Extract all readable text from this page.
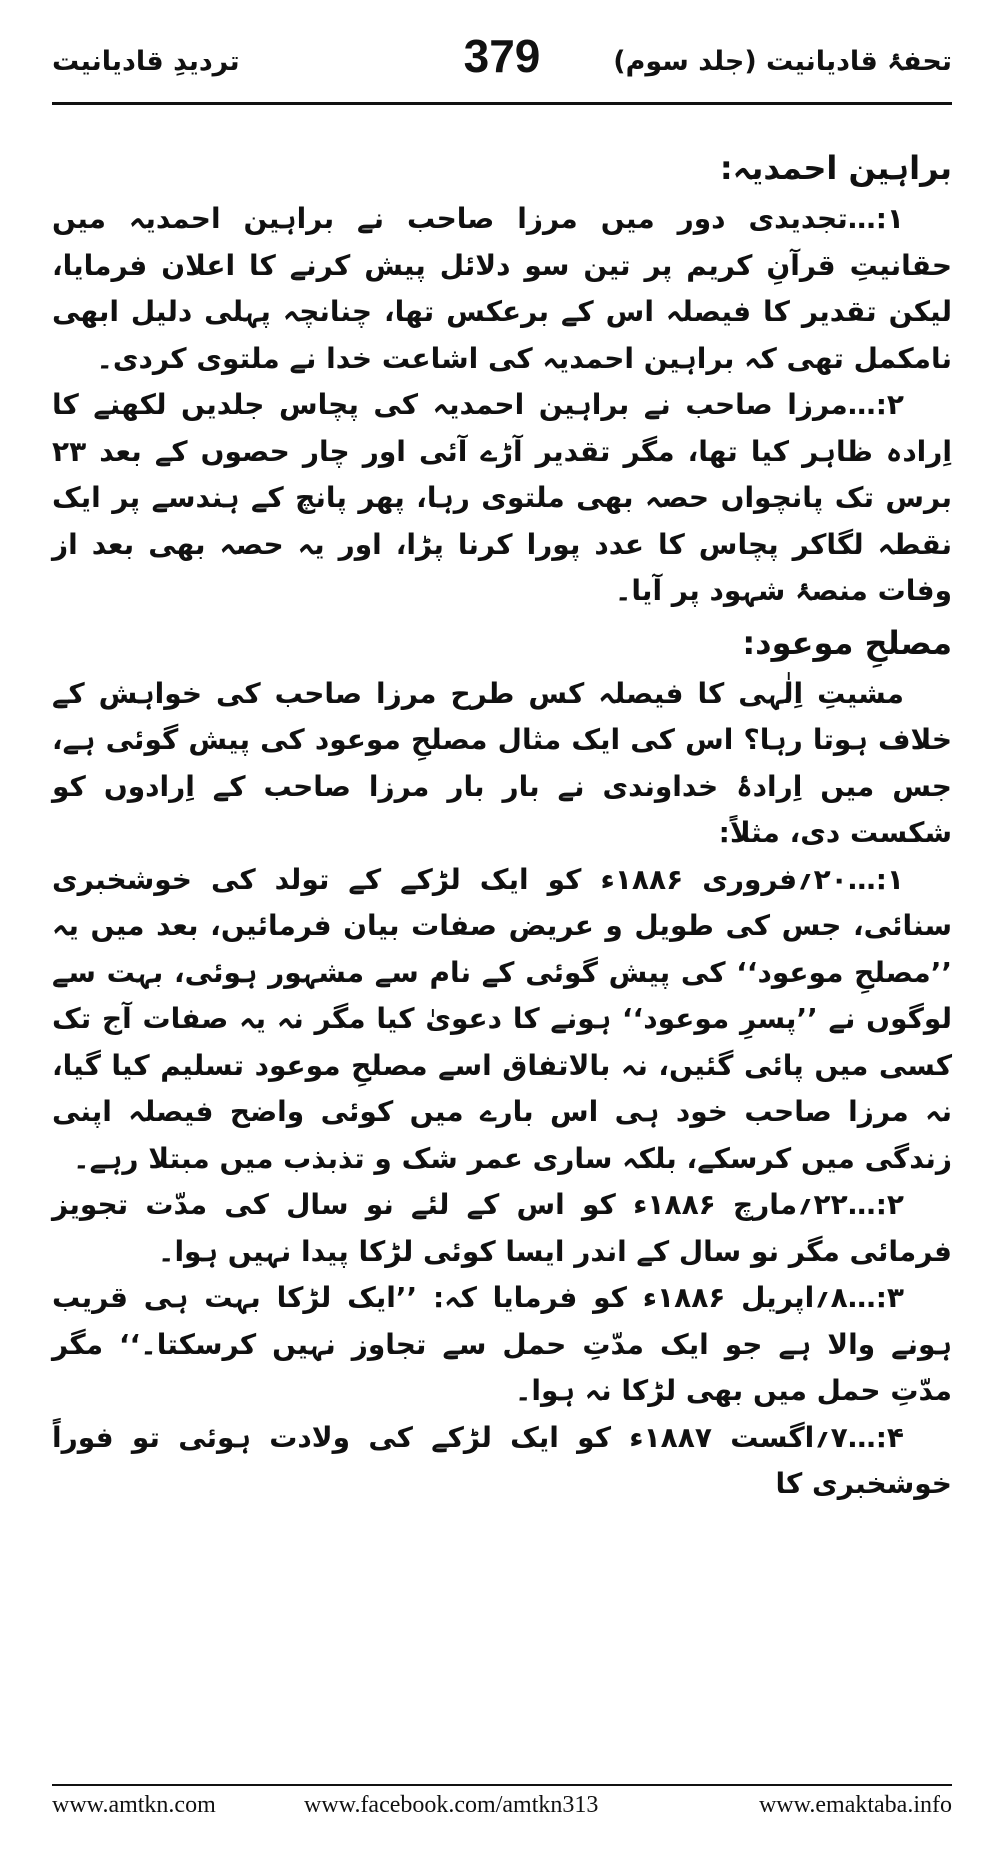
تحفۂ قادیانیت (جلد سوم)
379
تردیدِ قادیانیت

براہین احمدیہ:

۱:․․․تجدیدی دور میں مرزا صاحب نے براہین احمدیہ میں حقانیتِ قرآنِ کریم پر تین سو دلائل پیش کرنے کا اعلان فرمایا، لیکن تقدیر کا فیصلہ اس کے برعکس تھا، چنانچہ پہلی دلیل ابھی نامکمل تھی کہ براہین احمدیہ کی اشاعت خدا نے ملتوی کردی۔

۲:․․․مرزا صاحب نے براہین احمدیہ کی پچاس جلدیں لکھنے کا اِرادہ ظاہر کیا تھا، مگر تقدیر آڑے آئی اور چار حصوں کے بعد ۲۳ برس تک پانچواں حصہ بھی ملتوی رہا، پھر پانچ کے ہندسے پر ایک نقطہ لگاکر پچاس کا عدد پورا کرنا پڑا، اور یہ حصہ بھی بعد از وفات منصۂ شہود پر آیا۔

مصلحِ موعود:

مشیتِ اِلٰہی کا فیصلہ کس طرح مرزا صاحب کی خواہش کے خلاف ہوتا رہا؟ اس کی ایک مثال مصلحِ موعود کی پیش گوئی ہے، جس میں اِرادۂ خداوندی نے بار بار مرزا صاحب کے اِرادوں کو شکست دی، مثلاً:

۱:․․․۲۰؍فروری ۱۸۸۶ء کو ایک لڑکے کے تولد کی خوشخبری سنائی، جس کی طویل و عریض صفات بیان فرمائیں، بعد میں یہ ’’مصلحِ موعود‘‘ کی پیش گوئی کے نام سے مشہور ہوئی، بہت سے لوگوں نے ’’پسرِ موعود‘‘ ہونے کا دعویٰ کیا مگر نہ یہ صفات آج تک کسی میں پائی گئیں، نہ بالاتفاق اسے مصلحِ موعود تسلیم کیا گیا، نہ مرزا صاحب خود ہی اس بارے میں کوئی واضح فیصلہ اپنی زندگی میں کرسکے، بلکہ ساری عمر شک و تذبذب میں مبتلا رہے۔

۲:․․․۲۲؍مارچ ۱۸۸۶ء کو اس کے لئے نو سال کی مدّت تجویز فرمائی مگر نو سال کے اندر ایسا کوئی لڑکا پیدا نہیں ہوا۔

۳:․․․۸؍اپریل ۱۸۸۶ء کو فرمایا کہ: ’’ایک لڑکا بہت ہی قریب ہونے والا ہے جو ایک مدّتِ حمل سے تجاوز نہیں کرسکتا۔‘‘ مگر مدّتِ حمل میں بھی لڑکا نہ ہوا۔

۴:․․․۷؍اگست ۱۸۸۷ء کو ایک لڑکے کی ولادت ہوئی تو فوراً خوشخبری کا

www.amtkn.com	www.facebook.com/amtkn313	www.emaktaba.info
